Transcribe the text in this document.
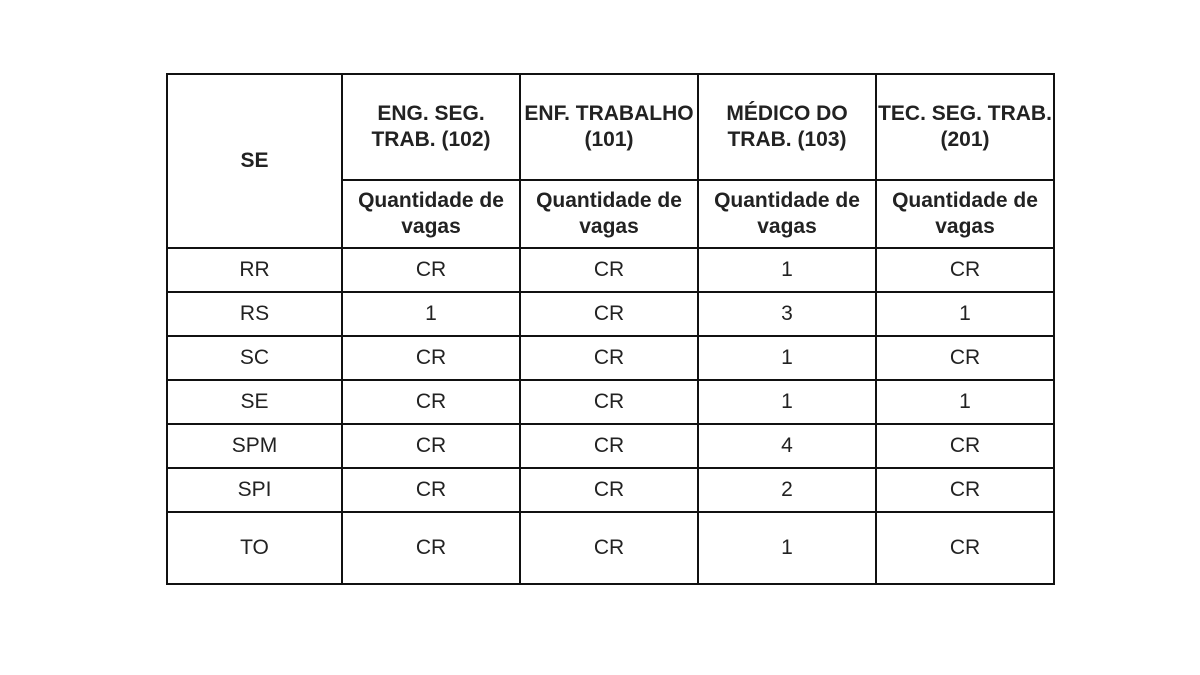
SE	ENG. SEG. TRAB. (102)	ENF. TRABALHO (101)	MÉDICO DO TRAB. (103)	TEC. SEG. TRAB. (201)
	Quantidade de vagas	Quantidade de vagas	Quantidade de vagas	Quantidade de vagas
RR	CR	CR	1	CR
RS	1	CR	3	1
SC	CR	CR	1	CR
SE	CR	CR	1	1
SPM	CR	CR	4	CR
SPI	CR	CR	2	CR
TO	CR	CR	1	CR
